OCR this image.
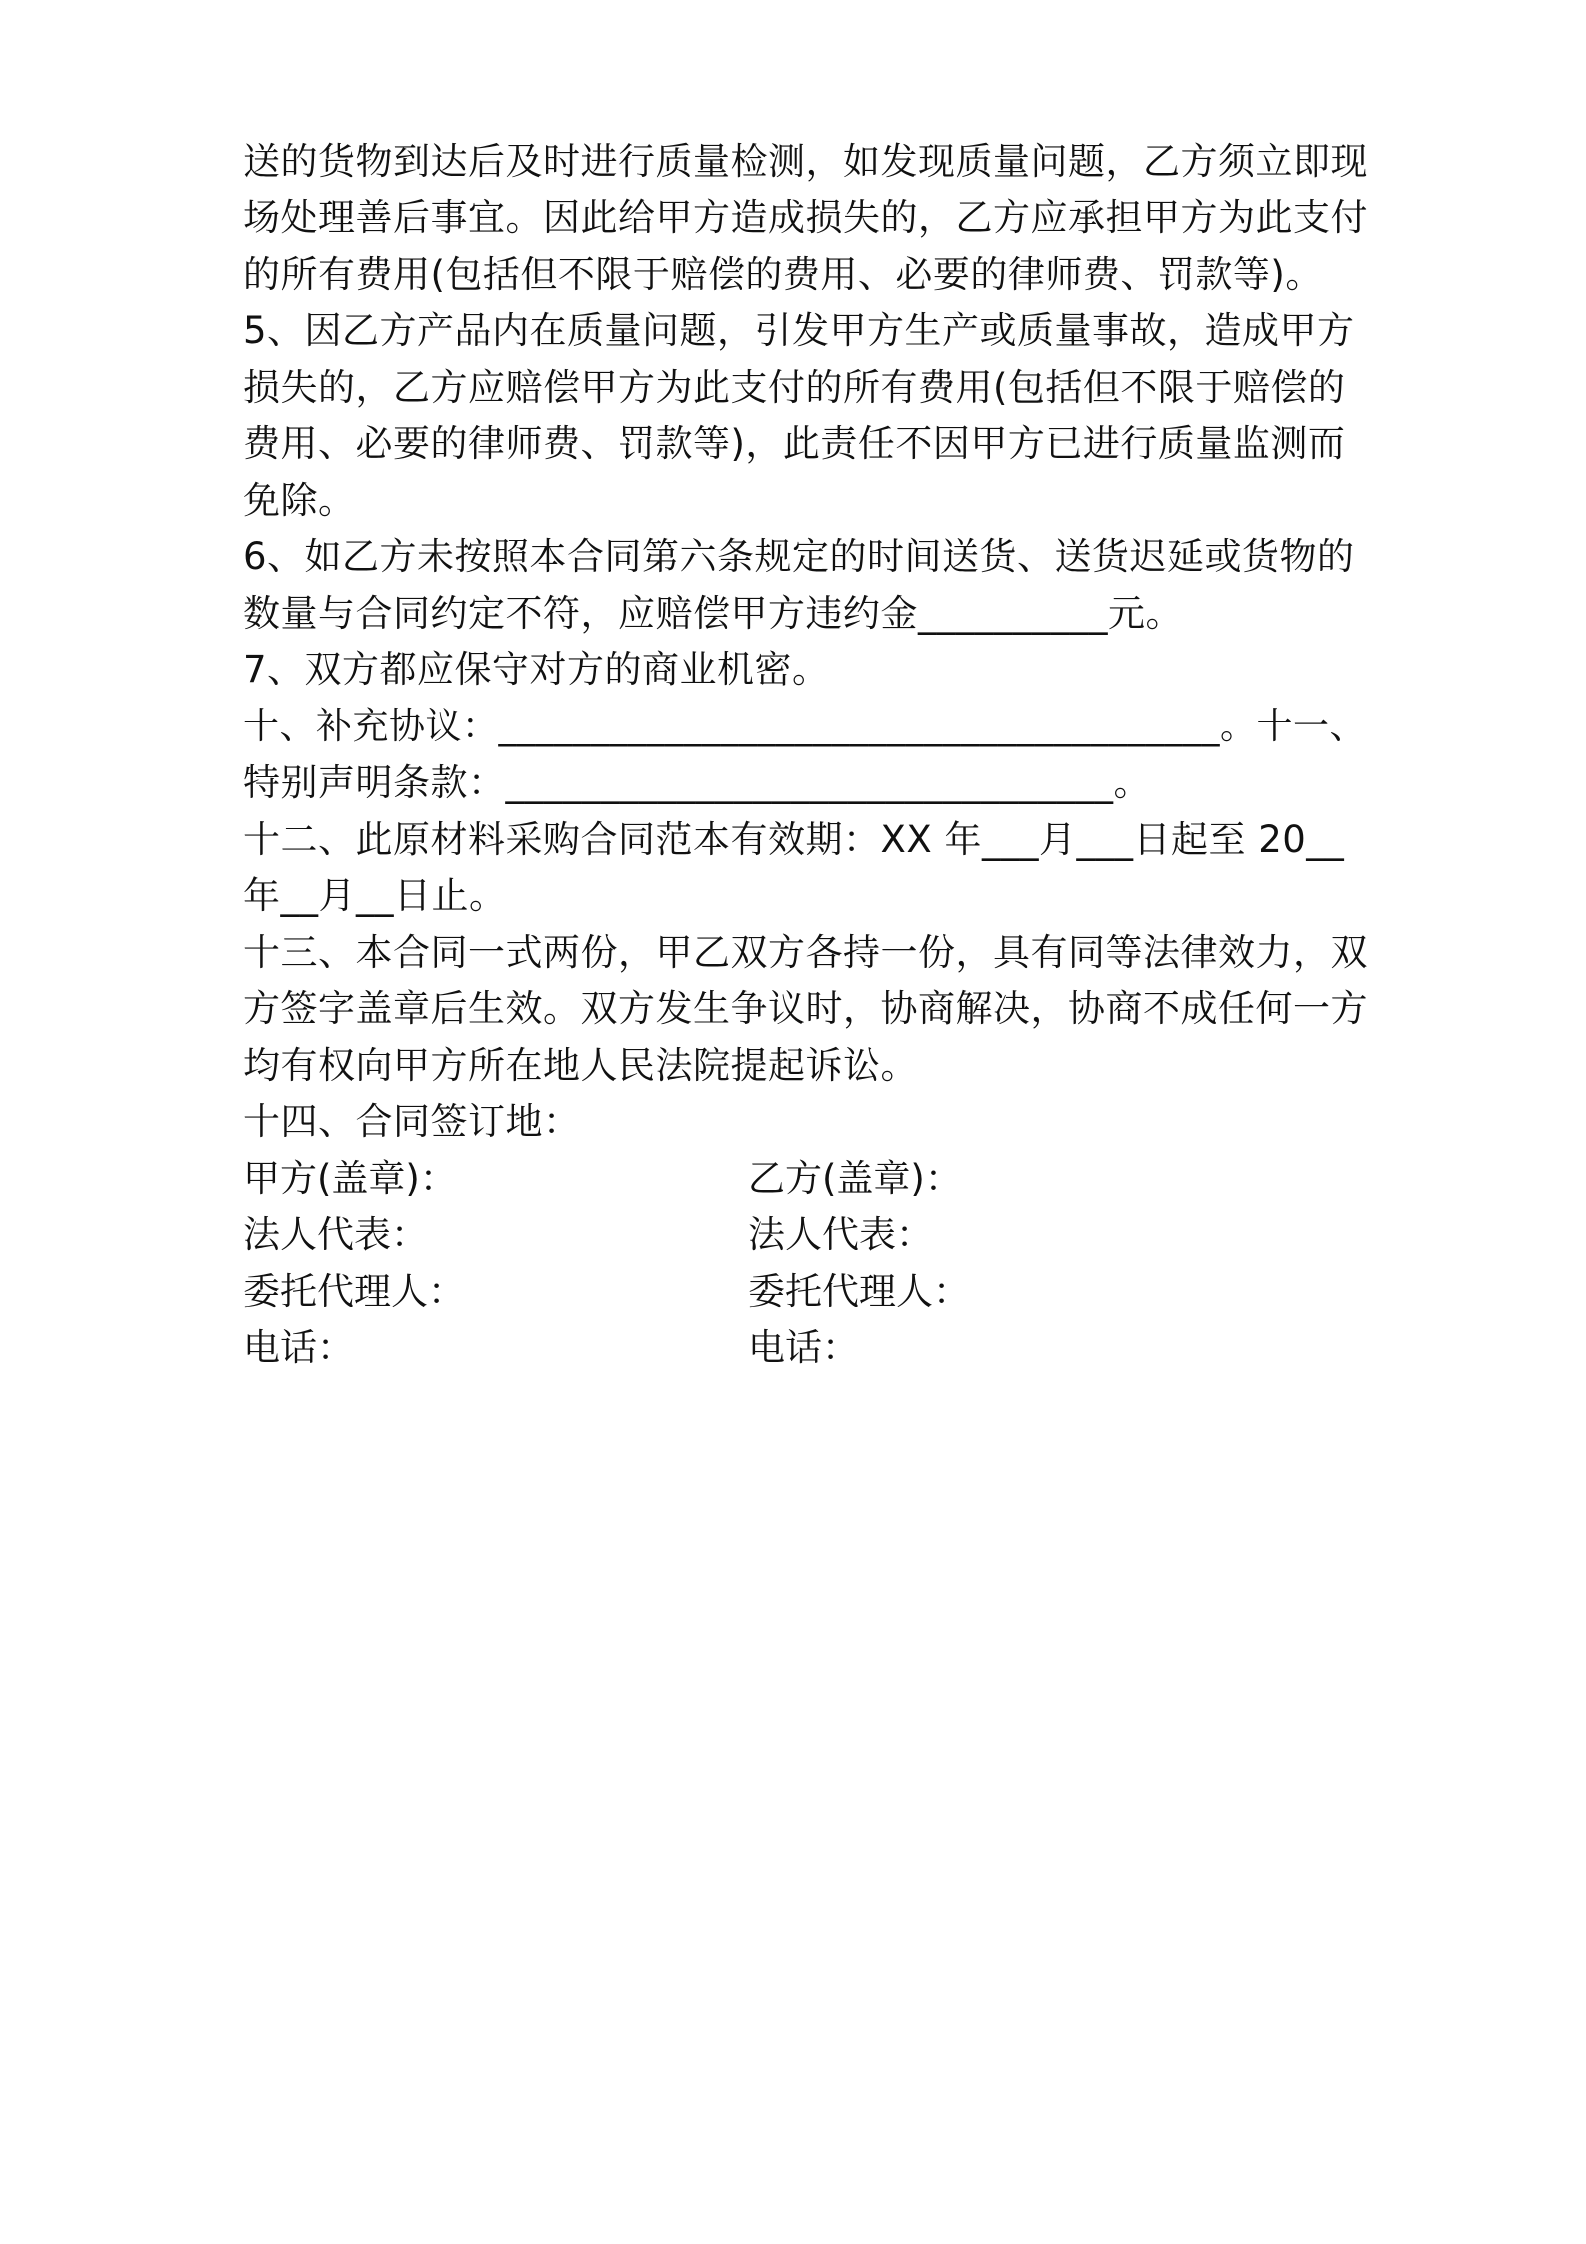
送的货物到达后及时进行质量检测，如发现质量问题，乙方须立即现
场处理善后事宜。因此给甲方造成损失的，乙方应承担甲方为此支付
的所有费用(包括但不限于赔偿的费用、必要的律师费、罚款等)。
5、因乙方产品内在质量问题，引发甲方生产或质量事故，造成甲方
损失的，乙方应赔偿甲方为此支付的所有费用(包括但不限于赔偿的
费用、必要的律师费、罚款等)，此责任不因甲方已进行质量监测而
免除。
6、如乙方未按照本合同第六条规定的时间送货、送货迟延或货物的
数量与合同约定不符，应赔偿甲方违约金__________元。
7、双方都应保守对方的商业机密。
十、补充协议：_______________________________________。十一、
特别声明条款：________________________________。
十二、此原材料采购合同范本有效期：XX 年___月___日起至 20__
年__月__日止。
十三、本合同一式两份，甲乙双方各持一份，具有同等法律效力，双
方签字盖章后生效。双方发生争议时，协商解决，协商不成任何一方
均有权向甲方所在地人民法院提起诉讼。
十四、合同签订地：
甲方(盖章)：	乙方(盖章)：
法人代表：	法人代表：
委托代理人：	委托代理人：
电话：	电话：
